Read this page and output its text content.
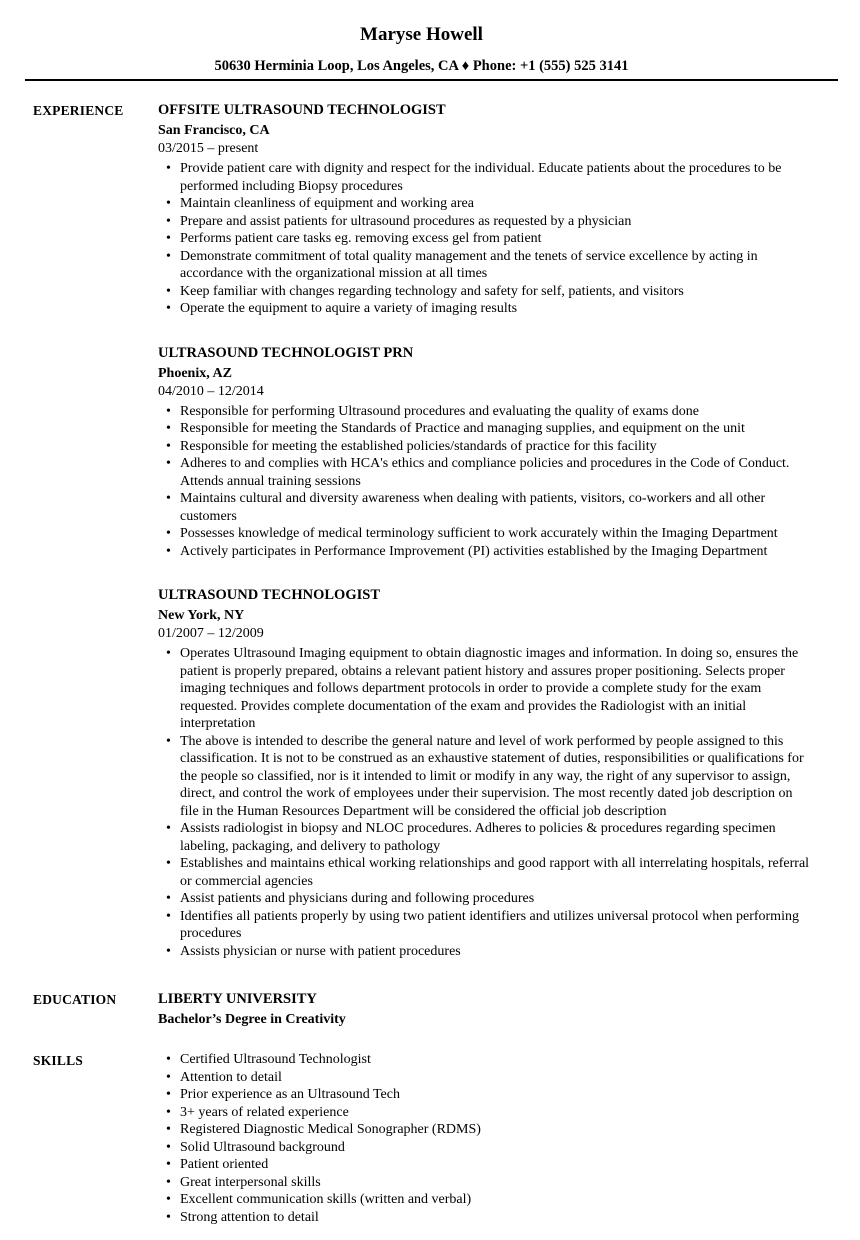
Maryse Howell
50630 Herminia Loop, Los Angeles, CA ♦ Phone: +1 (555) 525 3141
EXPERIENCE	OFFSITE ULTRASOUND TECHNOLOGIST
San Francisco, CA
03/2015 – present
• Provide patient care with dignity and respect for the individual. Educate patients about the procedures to be performed including Biopsy procedures
• Maintain cleanliness of equipment and working area
• Prepare and assist patients for ultrasound procedures as requested by a physician
• Performs patient care tasks eg. removing excess gel from patient
• Demonstrate commitment of total quality management and the tenets of service excellence by acting in accordance with the organizational mission at all times
• Keep familiar with changes regarding technology and safety for self, patients, and visitors
• Operate the equipment to aquire a variety of imaging results
ULTRASOUND TECHNOLOGIST PRN
Phoenix, AZ
04/2010 – 12/2014
• Responsible for performing Ultrasound procedures and evaluating the quality of exams done
• Responsible for meeting the Standards of Practice and managing supplies, and equipment on the unit
• Responsible for meeting the established policies/standards of practice for this facility
• Adheres to and complies with HCA's ethics and compliance policies and procedures in the Code of Conduct. Attends annual training sessions
• Maintains cultural and diversity awareness when dealing with patients, visitors, co-workers and all other customers
• Possesses knowledge of medical terminology sufficient to work accurately within the Imaging Department
• Actively participates in Performance Improvement (PI) activities established by the Imaging Department
ULTRASOUND TECHNOLOGIST
New York, NY
01/2007 – 12/2009
• Operates Ultrasound Imaging equipment to obtain diagnostic images and information. In doing so, ensures the patient is properly prepared, obtains a relevant patient history and assures proper positioning. Selects proper imaging techniques and follows department protocols in order to provide a complete study for the exam requested. Provides complete documentation of the exam and provides the Radiologist with an initial interpretation
• The above is intended to describe the general nature and level of work performed by people assigned to this classification. It is not to be construed as an exhaustive statement of duties, responsibilities or qualifications for the people so classified, nor is it intended to limit or modify in any way, the right of any supervisor to assign, direct, and control the work of employees under their supervision. The most recently dated job description on file in the Human Resources Department will be considered the official job description
• Assists radiologist in biopsy and NLOC procedures. Adheres to policies & procedures regarding specimen labeling, packaging, and delivery to pathology
• Establishes and maintains ethical working relationships and good rapport with all interrelating hospitals, referral or commercial agencies
• Assist patients and physicians during and following procedures
• Identifies all patients properly by using two patient identifiers and utilizes universal protocol when performing procedures
• Assists physician or nurse with patient procedures
EDUCATION	LIBERTY UNIVERSITY
Bachelor’s Degree in Creativity
SKILLS	• Certified Ultrasound Technologist
• Attention to detail
• Prior experience as an Ultrasound Tech
• 3+ years of related experience
• Registered Diagnostic Medical Sonographer (RDMS)
• Solid Ultrasound background
• Patient oriented
• Great interpersonal skills
• Excellent communication skills (written and verbal)
• Strong attention to detail
